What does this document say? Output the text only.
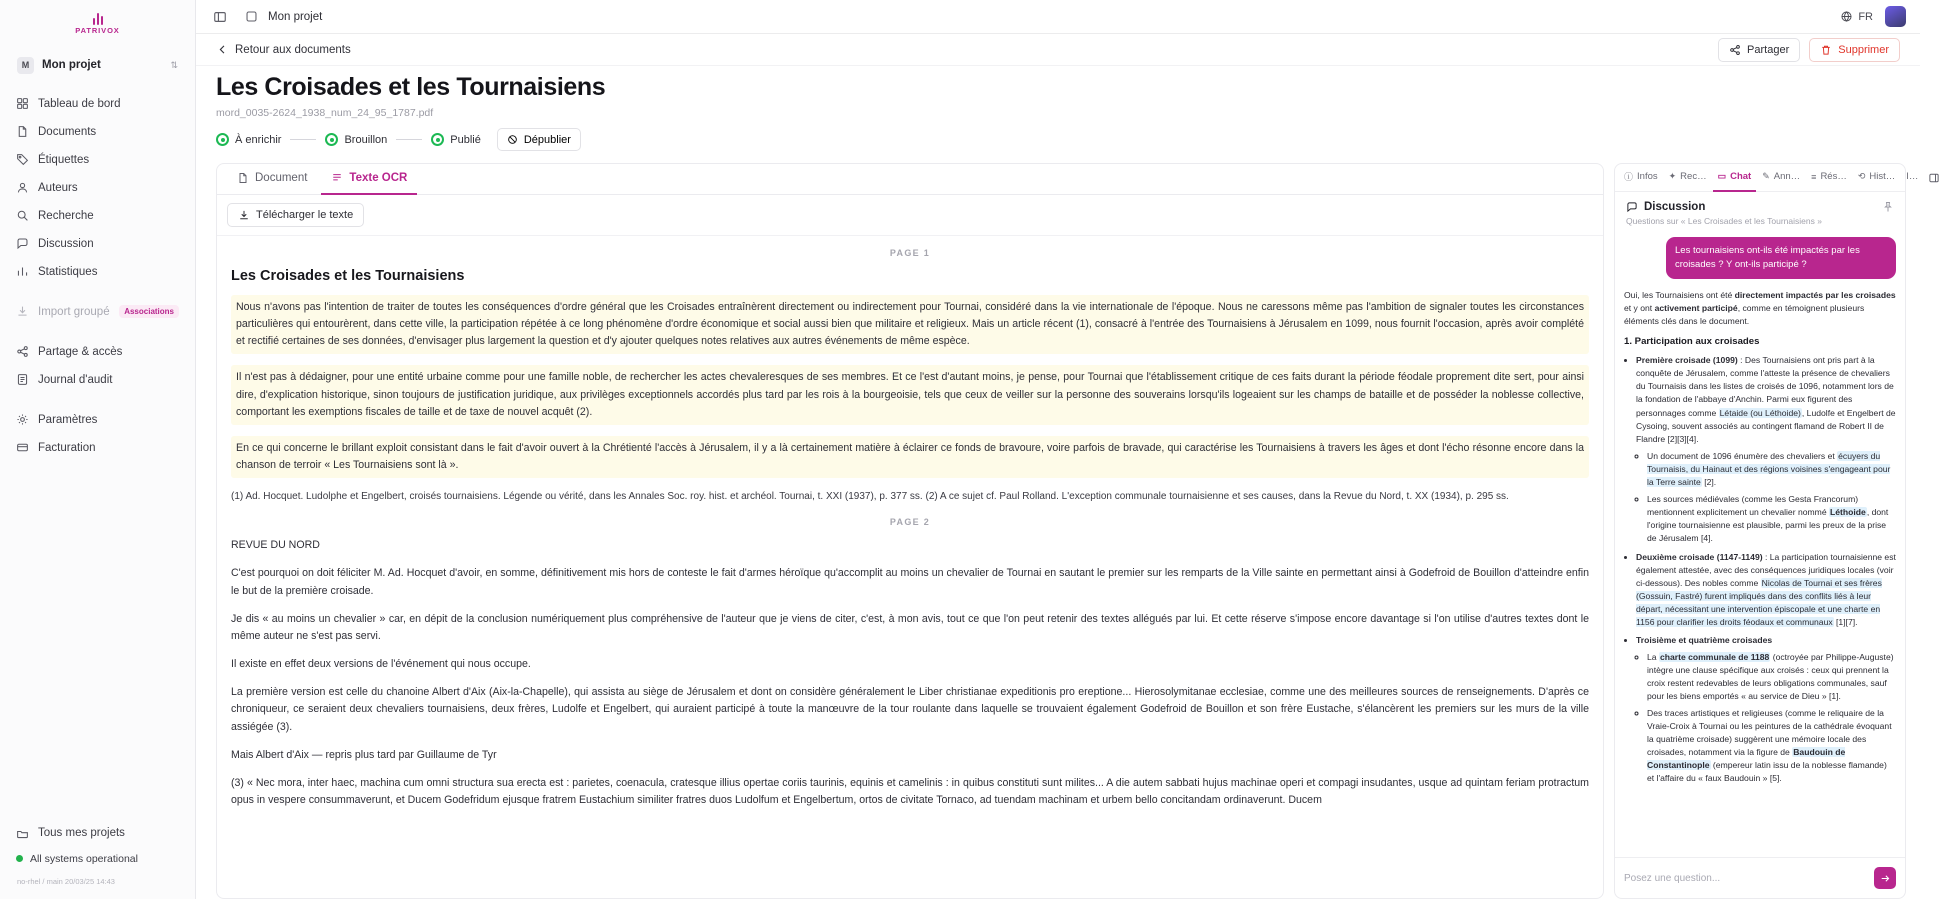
PATRIVOX
M	Mon projet	⇅
Tableau de bord
Documents
Étiquettes
Auteurs
Recherche
Discussion
Statistiques
Import groupé	Associations
Partage & accès
Journal d'audit
Paramètres
Facturation
Tous mes projets
All systems operational
no-rhel / main 20/03/25 14:43
Mon projet	FR
Retour aux documents	Partager	Supprimer
Les Croisades et les Tournaisiens
mord_0035-2624_1938_num_24_95_1787.pdf
À enrichir	Brouillon	Publié	Dépublier
Document	Texte OCR
Télécharger le texte
PAGE 1
Les Croisades et les Tournaisiens

Nous n'avons pas l'intention de traiter de toutes les conséquences d'ordre général que les Croisades entraînèrent directement ou indirectement pour Tournai, considéré dans la vie internationale de l'époque. Nous ne caressons même pas l'ambition de signaler toutes les circonstances particulières qui entourèrent, dans cette ville, la participation répétée à ce long phénomène d'ordre économique et social aussi bien que militaire et religieux. Mais un article récent (1), consacré à l'entrée des Tournaisiens à Jérusalem en 1099, nous fournit l'occasion, après avoir complété et rectifié certaines de ses données, d'envisager plus largement la question et d'y ajouter quelques notes relatives aux autres événements de même espèce.

Il n'est pas à dédaigner, pour une entité urbaine comme pour une famille noble, de rechercher les actes chevaleresques de ses membres. Et ce l'est d'autant moins, je pense, pour Tournai que l'établissement critique de ces faits durant la période féodale proprement dite sert, pour ainsi dire, d'explication historique, sinon toujours de justification juridique, aux privilèges exceptionnels accordés plus tard par les rois à la bourgeoisie, tels que ceux de veiller sur la personne des souverains lorsqu'ils logeaient sur les champs de bataille et de posséder la noblesse collective, comportant les exemptions fiscales de taille et de taxe de nouvel acquêt (2).

En ce qui concerne le brillant exploit consistant dans le fait d'avoir ouvert à la Chrétienté l'accès à Jérusalem, il y a là certainement matière à éclairer ce fonds de bravoure, voire parfois de bravade, qui caractérise les Tournaisiens à travers les âges et dont l'écho résonne encore dans la chanson de terroir « Les Tournaisiens sont là ».

(1) Ad. Hocquet. Ludolphe et Engelbert, croisés tournaisiens. Légende ou vérité, dans les Annales Soc. roy. hist. et archéol. Tournai, t. XXI (1937), p. 377 ss. (2) A ce sujet cf. Paul Rolland. L'exception communale tournaisienne et ses causes, dans la Revue du Nord, t. XX (1934), p. 295 ss.

PAGE 2

REVUE DU NORD

C'est pourquoi on doit féliciter M. Ad. Hocquet d'avoir, en somme, définitivement mis hors de conteste le fait d'armes héroïque qu'accomplit au moins un chevalier de Tournai en sautant le premier sur les remparts de la Ville sainte en permettant ainsi à Godefroid de Bouillon d'atteindre enfin le but de la première croisade.

Je dis « au moins un chevalier » car, en dépit de la conclusion numériquement plus compréhensive de l'auteur que je viens de citer, c'est, à mon avis, tout ce que l'on peut retenir des textes allégués par lui. Et cette réserve s'impose encore davantage si l'on utilise d'autres textes dont le même auteur ne s'est pas servi.

Il existe en effet deux versions de l'événement qui nous occupe.

La première version est celle du chanoine Albert d'Aix (Aix-la-Chapelle), qui assista au siège de Jérusalem et dont on considère généralement le Liber christianae expeditionis pro ereptione... Hierosolymitanae ecclesiae, comme une des meilleures sources de renseignements. D'après ce chroniqueur, ce seraient deux chevaliers tournaisiens, deux frères, Ludolfe et Engelbert, qui auraient participé à toute la manœuvre de la tour roulante dans laquelle se trouvaient également Godefroid de Bouillon et son frère Eustache, s'élancèrent les premiers sur les murs de la ville assiégée (3).

Mais Albert d'Aix — repris plus tard par Guillaume de Tyr

(3) « Nec mora, inter haec, machina cum omni structura sua erecta est : parietes, coenacula, cratesque illius opertae coriis taurinis, equinis et camelinis : in quibus constituti sunt milites... A die autem sabbati hujus machinae operi et compagi insudantes, usque ad quintam feriam protractum opus in vespere consummaverunt, et Ducem Godefridum ejusque fratrem Eustachium similiter fratres duos Ludolfum et Engelbertum, ortos de civitate Tornaco, ad tuendam machinam et urbem bello concitandam ordinaverunt. Ducem

ⓘ Infos ✦ Rec… ▭ Chat ✎ Ann… ≡ Rés… ⟲ Hist… I…
Discussion
Questions sur « Les Croisades et les Tournaisiens »
Les tournaisiens ont-ils été impactés par les croisades ? Y ont-ils participé ?

Oui, les Tournaisiens ont été directement impactés par les croisades et y ont activement participé, comme en témoignent plusieurs éléments clés dans le document.

1. Participation aux croisades
• Première croisade (1099) : Des Tournaisiens ont pris part à la conquête de Jérusalem, comme l'atteste la présence de chevaliers du Tournaisis dans les listes de croisés de 1096, notamment lors de la fondation de l'abbaye d'Anchin. Parmi eux figurent des personnages comme Létaide (ou Léthoide), Ludolfe et Engelbert de Cysoing, souvent associés au contingent flamand de Robert II de Flandre [2][3][4].
◦ Un document de 1096 énumère des chevaliers et écuyers du Tournaisis, du Hainaut et des régions voisines s'engageant pour la Terre sainte [2].
◦ Les sources médiévales (comme les Gesta Francorum) mentionnent explicitement un chevalier nommé Léthoide, dont l'origine tournaisienne est plausible, parmi les preux de la prise de Jérusalem [4].
• Deuxième croisade (1147-1149) : La participation tournaisienne est également attestée, avec des conséquences juridiques locales (voir ci-dessous). Des nobles comme Nicolas de Tournai et ses frères (Gossuin, Fastré) furent impliqués dans des conflits liés à leur départ, nécessitant une intervention épiscopale et une charte en 1156 pour clarifier les droits féodaux et communaux [1][7].
• Troisième et quatrième croisades
◦ La charte communale de 1188 (octroyée par Philippe-Auguste) intègre une clause spécifique aux croisés : ceux qui prennent la croix restent redevables de leurs obligations communales, sauf pour les biens emportés « au service de Dieu » [1].
◦ Des traces artistiques et religieuses (comme le reliquaire de la Vraie-Croix à Tournai ou les peintures de la cathédrale évoquant la quatrième croisade) suggèrent une mémoire locale des croisades, notamment via la figure de Baudouin de Constantinople (empereur latin issu de la noblesse flamande) et l'affaire du « faux Baudouin » [5].
Posez une question...
